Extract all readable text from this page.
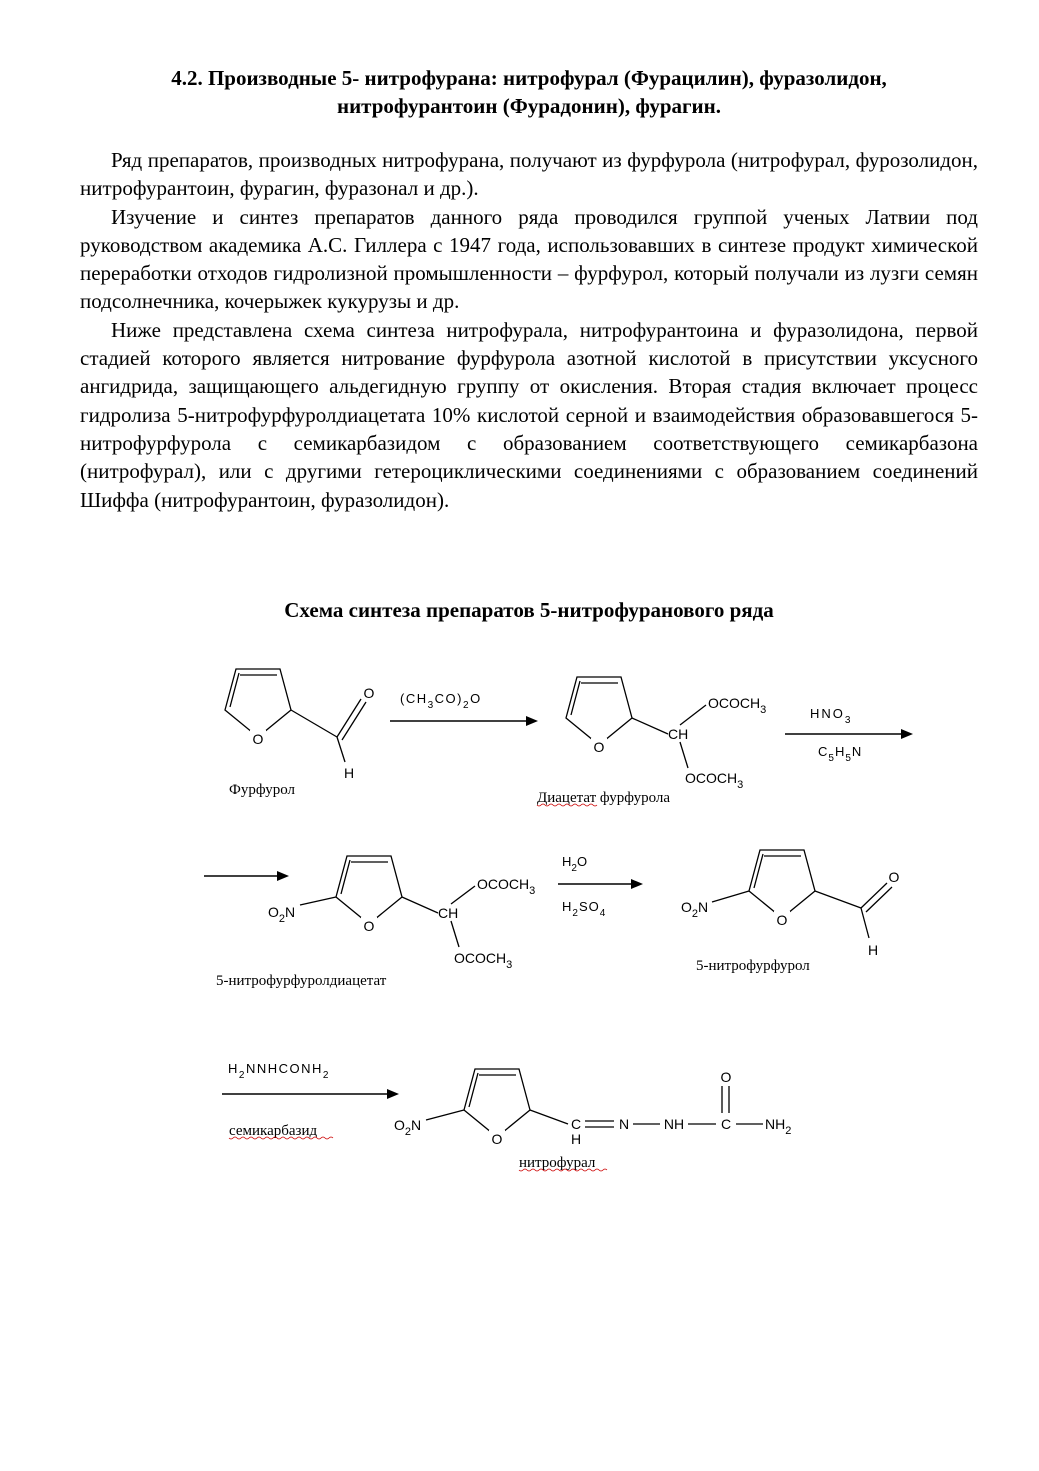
4.2. Производные 5- нитрофурана: нитрофурал (Фурацилин), фуразолидон,
нитрофурантоин (Фурадонин), фурагин.

Ряд препаратов, производных нитрофурана, получают из фурфурола (нитрофурал, фурозолидон, нитрофурантоин, фурагин, фуразонал и др.).

Изучение и синтез препаратов данного ряда проводился группой ученых Латвии под руководством академика А.С. Гиллера с 1947 года, использовавших в синтезе продукт химической переработки отходов гидролизной промышленности – фурфурол, который получали из лузги семян подсолнечника, кочерыжек кукурузы и др.

Ниже представлена схема синтеза нитрофурала, нитрофурантоина и фуразолидона, первой стадией которого является нитрование фурфурола азотной кислотой в присутствии уксусного ангидрида, защищающего альдегидную группу от окисления. Вторая стадия включает процесс гидролиза 5-нитрофурфуролдиацетата 10% кислотой серной и взаимодействия образовавшегося 5-нитрофурфурола с семикарбазидом с образованием соответствующего семикарбазона (нитрофурал), или с другими гетероциклическими соединениями с образованием соединений Шиффа (нитрофурантоин, фуразолидон).

Схема синтеза препаратов 5-нитрофуранового ряда
O
O
H
Фурфурол
$(CH_3CO)_2O$
O
CH
$OCOCH_3$
$OCOCH_3$
Диацетат фурфурола
$HNO_3$
$C_5H_5N$
O
$O_2N$	CH
$OCOCH_3$
$OCOCH_3$
5-нитрофурфуролдиацетат
$H_2O$
$H_2SO_4$	O
$O_2N$
O
H
5-нитрофурфурол
$H_2NNHCONH_2$
семикарбазид	O
$O_2N$	C
H
N NH	C
O
$NH_2$
нитрофурал
